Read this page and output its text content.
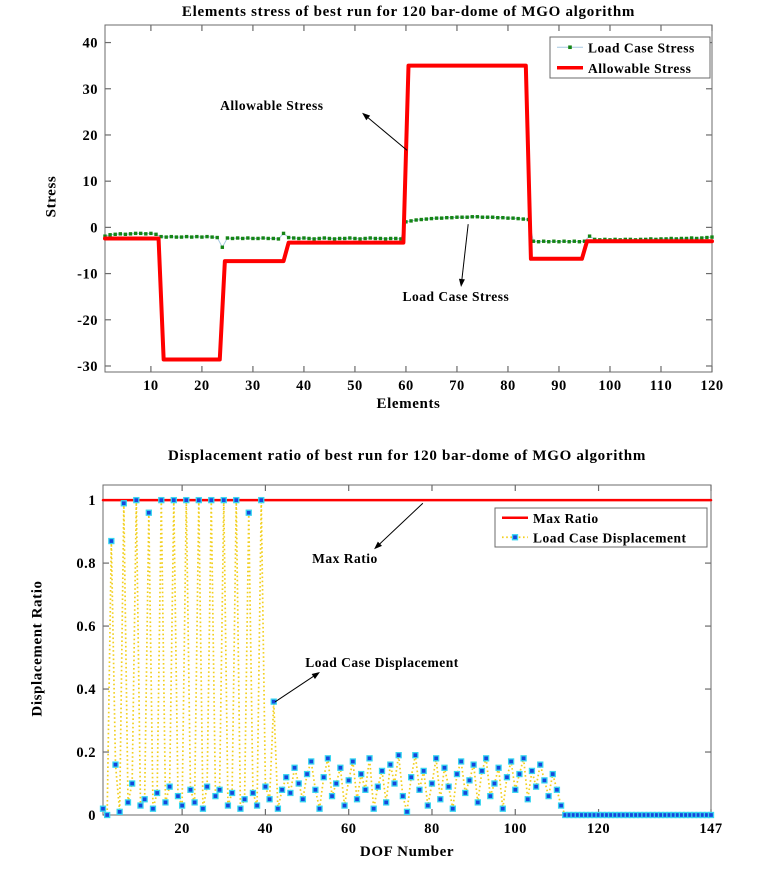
Elements stress of best run for 120 bar-dome of MGO algorithm
Elements
Stress
Displacement ratio of best run for 120 bar-dome of MGO algorithm
DOF Number
Displacement Ratio
10 20 30 40 50 60 70 80 90 100 110 120
-30
-20
-10
0
10
20
30
40	Load Case Stress
Allowable Stress
Allowable Stress
Load Case Stress
20	40	60	80	100	120	147
0
0.2
0.4
0.6
0.8
1
Max Ratio
Load Case Displacement
Max Ratio
Load Case Displacement
